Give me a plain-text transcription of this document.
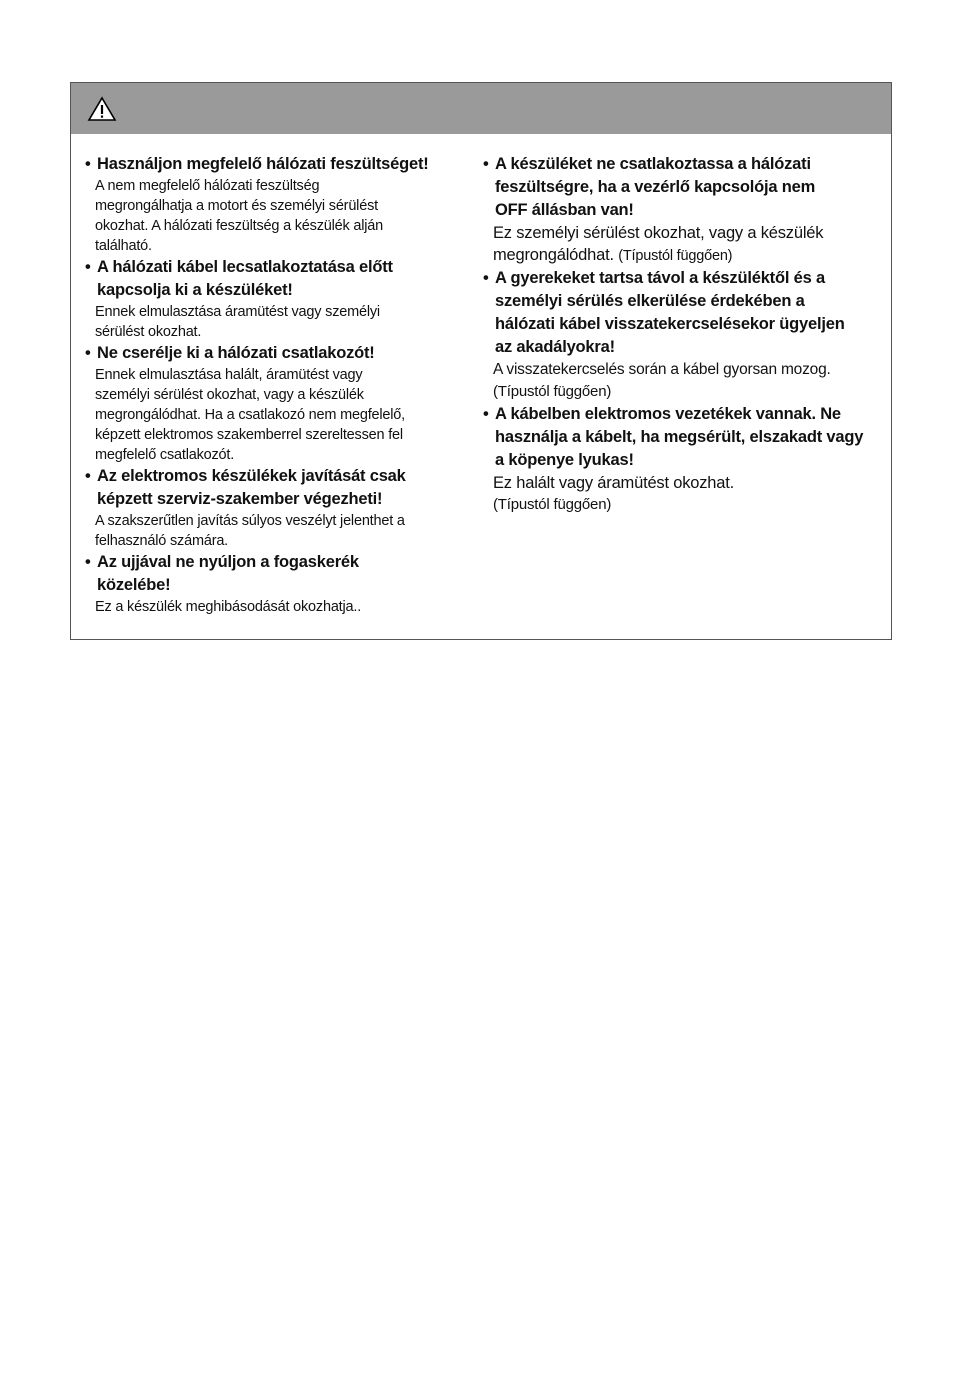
• Használjon megfelelő hálózati feszültséget!
A nem megfelelő hálózati feszültség
megrongálhatja a motort és személyi sérülést
okozhat. A hálózati feszültség a készülék alján
található.
• A hálózati kábel lecsatlakoztatása előtt
kapcsolja ki a készüléket!
Ennek elmulasztása áramütést vagy személyi
sérülést okozhat.
• Ne cserélje ki a hálózati csatlakozót!
Ennek elmulasztása halált, áramütést vagy
személyi sérülést okozhat, vagy a készülék
megrongálódhat. Ha a csatlakozó nem megfelelő,
képzett elektromos szakemberrel szereltessen fel
megfelelő csatlakozót.
• Az elektromos készülékek javítását csak
képzett szerviz-szakember végezheti!
A szakszerűtlen javítás súlyos veszélyt jelenthet a
felhasználó számára.
• Az ujjával ne nyúljon a fogaskerék
közelébe!
Ez a készülék meghibásodását okozhatja..
• A készüléket ne csatlakoztassa a hálózati
feszültségre, ha a vezérlő kapcsolója nem
OFF állásban van!
Ez személyi sérülést okozhat, vagy a készülék
megrongálódhat. (Típustól függően)
• A gyerekeket tartsa távol a készüléktől és a
személyi sérülés elkerülése érdekében a
hálózati kábel visszatekercselésekor ügyeljen
az akadályokra!
A visszatekercselés során a kábel gyorsan mozog.
(Típustól függően)
• A kábelben elektromos vezetékek vannak. Ne
használja a kábelt, ha megsérült, elszakadt vagy
a köpenye lyukas!
Ez halált vagy áramütést okozhat.
(Típustól függően)
